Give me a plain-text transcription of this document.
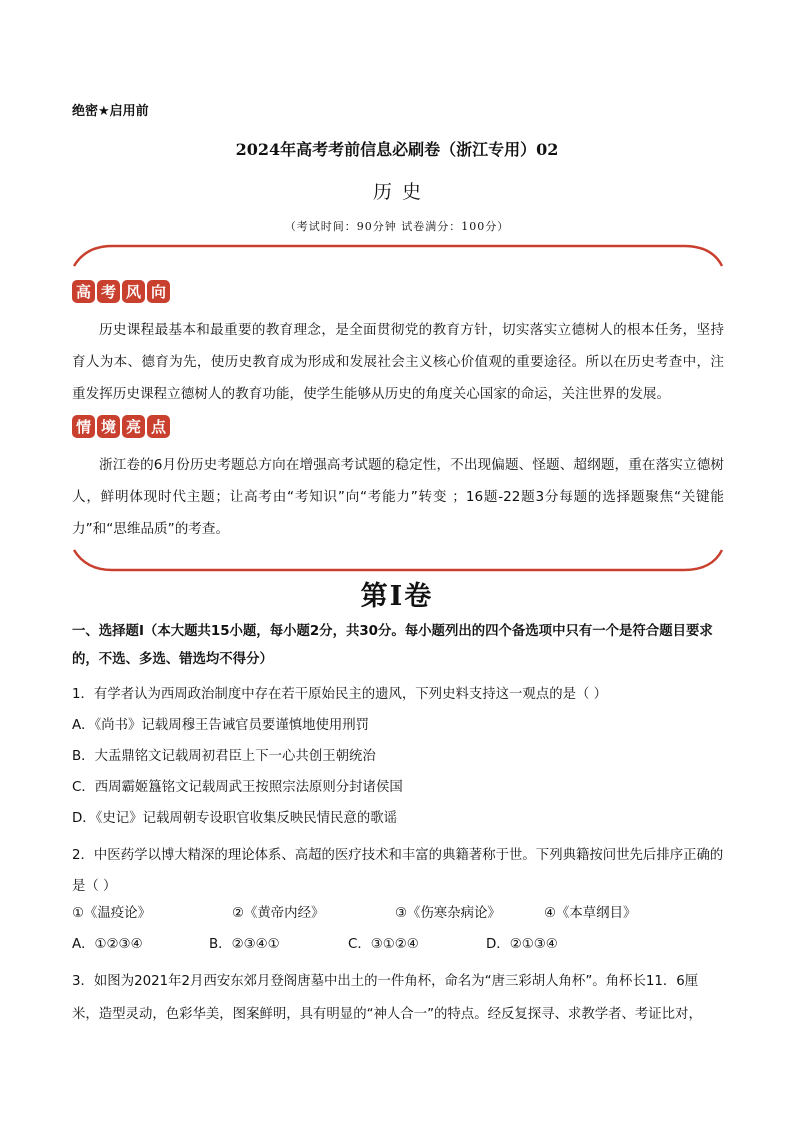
绝密★启用前
2024年高考考前信息必刷卷（浙江专用）02
历史
（考试时间：90分钟 试卷满分：100分）
高 考 风 向
历史课程最基本和最重要的教育理念，是全面贯彻党的教育方针，切实落实立德树人的根本任务，坚持育人为本、德育为先，使历史教育成为形成和发展社会主义核心价值观的重要途径。所以在历史考查中，注重发挥历史课程立德树人的教育功能，使学生能够从历史的角度关心国家的命运，关注世界的发展。
情 境 亮 点
浙江卷的6月份历史考题总方向在增强高考试题的稳定性，不出现偏题、怪题、超纲题，重在落实立德树人，鲜明体现时代主题；让高考由“考知识”向“考能力”转变 ；16题-22题3分每题的选择题聚焦“关键能力”和“思维品质”的考查。
第Ⅰ卷
一、选择题Ⅰ（本大题共15小题，每小题2分，共30分。每小题列出的四个备选项中只有一个是符合题目要求的，不选、多选、错选均不得分）
1．有学者认为西周政治制度中存在若干原始民主的遗风，下列史料支持这一观点的是（ ）
A．《尚书》记载周穆王告诫官员要谨慎地使用刑罚
B．大盂鼎铭文记载周初君臣上下一心共创王朝统治
C．西周霸姬簋铭文记载周武王按照宗法原则分封诸侯国
D．《史记》记载周朝专设职官收集反映民情民意的歌谣
2．中医药学以博大精深的理论体系、高超的医疗技术和丰富的典籍著称于世。下列典籍按问世先后排序正确的是（ ）
①《温疫论》	②《黄帝内经》	③《伤寒杂病论》	④《本草纲目》
A．①②③④	B．②③④①	C．③①②④	D．②①③④
3．如图为2021年2月西安东郊月登阁唐墓中出土的一件角杯，命名为“唐三彩胡人角杯”。角杯长11．6厘米，造型灵动，色彩华美，图案鲜明，具有明显的“神人合一”的特点。经反复探寻、求教学者、考证比对，
